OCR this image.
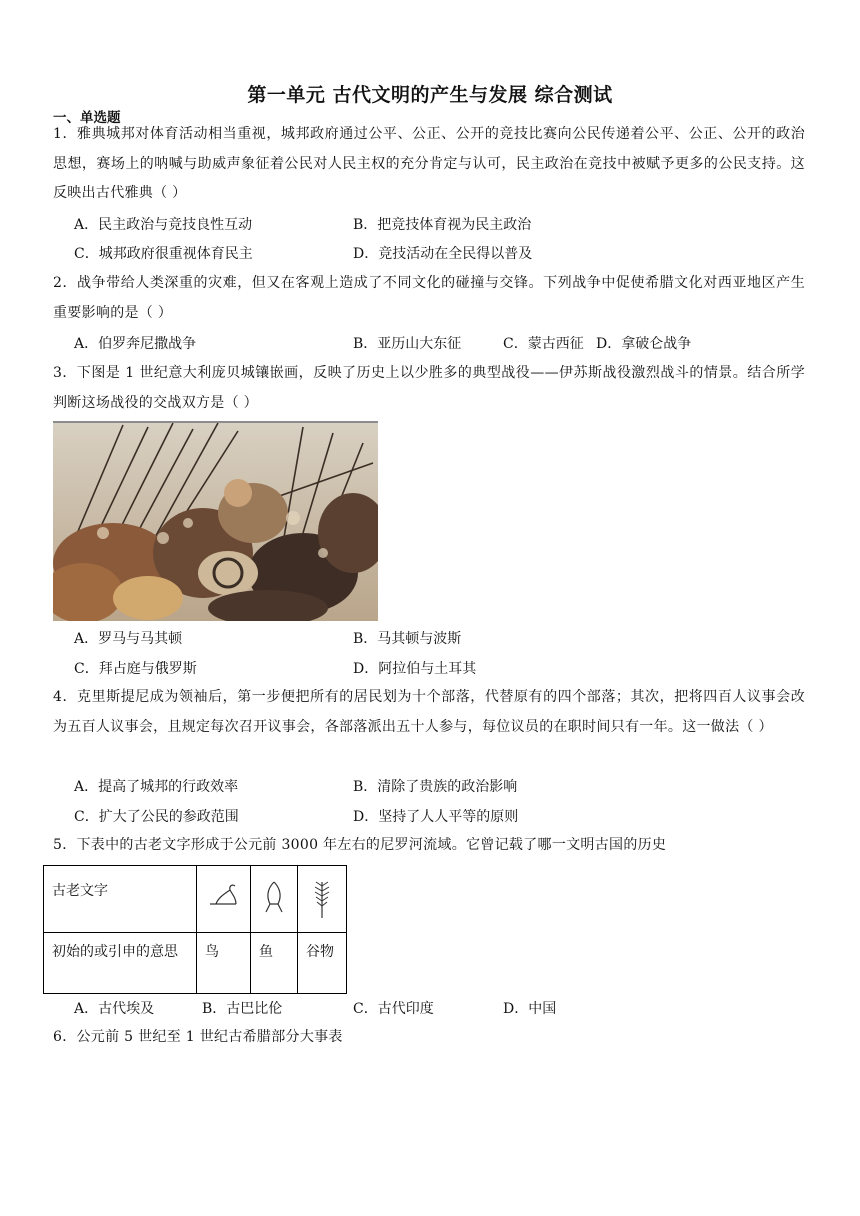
第一单元 古代文明的产生与发展 综合测试
一、单选题
1．雅典城邦对体育活动相当重视，城邦政府通过公平、公正、公开的竞技比赛向公民传递着公平、公正、公开的政治思想，赛场上的呐喊与助威声象征着公民对人民主权的充分肯定与认可，民主政治在竞技中被赋予更多的公民支持。这反映出古代雅典（ ）
A．民主政治与竞技良性互动	B．把竞技体育视为民主政治
C．城邦政府很重视体育民主	D．竞技活动在全民得以普及
2．战争带给人类深重的灾难，但又在客观上造成了不同文化的碰撞与交锋。下列战争中促使希腊文化对西亚地区产生重要影响的是（ ）
A．伯罗奔尼撒战争	B．亚历山大东征	C．蒙古西征 D．拿破仑战争
3．下图是 1 世纪意大利庞贝城镶嵌画，反映了历史上以少胜多的典型战役——伊苏斯战役激烈战斗的情景。结合所学判断这场战役的交战双方是（ ）
A．罗马与马其顿	B．马其顿与波斯
C．拜占庭与俄罗斯	D．阿拉伯与土耳其
4．克里斯提尼成为领袖后，第一步便把所有的居民划为十个部落，代替原有的四个部落；其次，把将四百人议事会改为五百人议事会，且规定每次召开议事会，各部落派出五十人参与，每位议员的在职时间只有一年。这一做法（ ）
A．提高了城邦的行政效率	B．清除了贵族的政治影响
C．扩大了公民的参政范围	D．坚持了人人平等的原则
5．下表中的古老文字形成于公元前 3000 年左右的尼罗河流域。它曾记载了哪一文明古国的历史
古老文字			
初始的或引申的意思	鸟	鱼	谷物
A．古代埃及	B．古巴比伦	C．古代印度	D．中国
6．公元前 5 世纪至 1 世纪古希腊部分大事表
